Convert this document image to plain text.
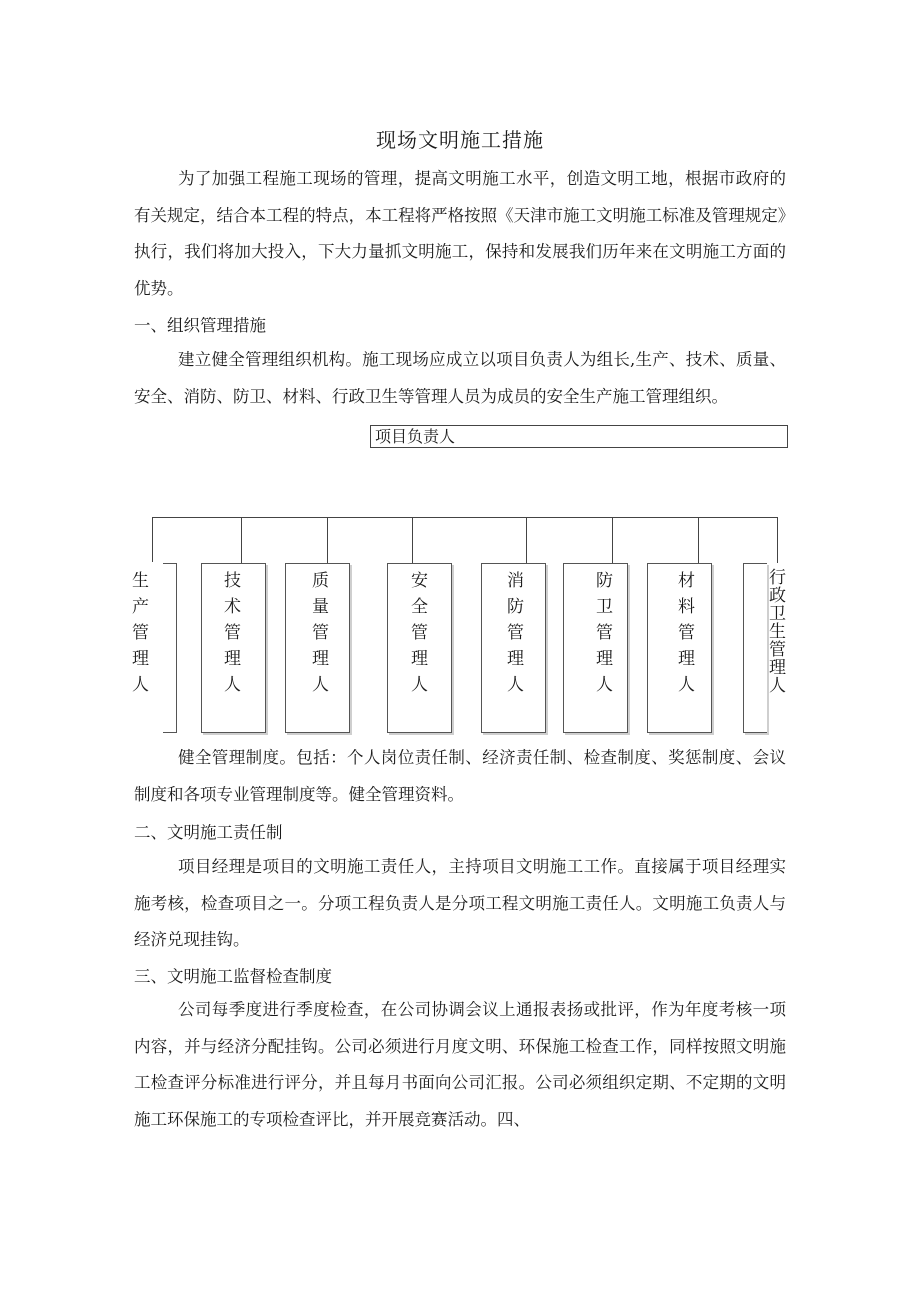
现场文明施工措施

为了加强工程施工现场的管理，提高文明施工水平，创造文明工地，根据市政府的有关规定，结合本工程的特点，本工程将严格按照《天津市施工文明施工标准及管理规定》执行，我们将加大投入，下大力量抓文明施工，保持和发展我们历年来在文明施工方面的优势。

一、组织管理措施

建立健全管理组织机构。施工现场应成立以项目负责人为组长,生产、技术、质量、安全、消防、防卫、材料、行政卫生等管理人员为成员的安全生产施工管理组织。

项目负责人
生产管理人	技术管理人	质量管理人	安全管理人	消防管理人	防卫管理人	材料管理人	行政卫生管理人

健全管理制度。包括：个人岗位责任制、经济责任制、检查制度、奖惩制度、会议制度和各项专业管理制度等。健全管理资料。

二、文明施工责任制

项目经理是项目的文明施工责任人，主持项目文明施工工作。直接属于项目经理实施考核，检查项目之一。分项工程负责人是分项工程文明施工责任人。文明施工负责人与经济兑现挂钩。

三、文明施工监督检查制度

公司每季度进行季度检查，在公司协调会议上通报表扬或批评，作为年度考核一项内容，并与经济分配挂钩。公司必须进行月度文明、环保施工检查工作，同样按照文明施工检查评分标准进行评分，并且每月书面向公司汇报。公司必须组织定期、不定期的文明施工环保施工的专项检查评比，并开展竞赛活动。四、
